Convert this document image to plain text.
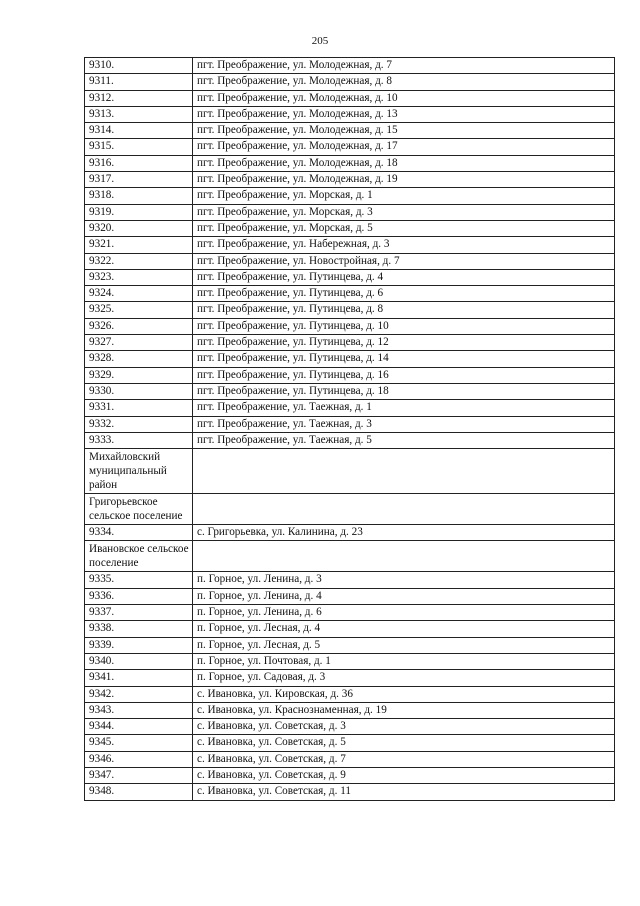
205
9310.	пгт. Преображение, ул. Молодежная, д. 7
9311.	пгт. Преображение, ул. Молодежная, д. 8
9312.	пгт. Преображение, ул. Молодежная, д. 10
9313.	пгт. Преображение, ул. Молодежная, д. 13
9314.	пгт. Преображение, ул. Молодежная, д. 15
9315.	пгт. Преображение, ул. Молодежная, д. 17
9316.	пгт. Преображение, ул. Молодежная, д. 18
9317.	пгт. Преображение, ул. Молодежная, д. 19
9318.	пгт. Преображение, ул. Морская, д. 1
9319.	пгт. Преображение, ул. Морская, д. 3
9320.	пгт. Преображение, ул. Морская, д. 5
9321.	пгт. Преображение, ул. Набережная, д. 3
9322.	пгт. Преображение, ул. Новостройная, д. 7
9323.	пгт. Преображение, ул. Путинцева, д. 4
9324.	пгт. Преображение, ул. Путинцева, д. 6
9325.	пгт. Преображение, ул. Путинцева, д. 8
9326.	пгт. Преображение, ул. Путинцева, д. 10
9327.	пгт. Преображение, ул. Путинцева, д. 12
9328.	пгт. Преображение, ул. Путинцева, д. 14
9329.	пгт. Преображение, ул. Путинцева, д. 16
9330.	пгт. Преображение, ул. Путинцева, д. 18
9331.	пгт. Преображение, ул. Таежная, д. 1
9332.	пгт. Преображение, ул. Таежная, д. 3
9333.	пгт. Преображение, ул. Таежная, д. 5
Михайловский муниципальный район	
Григорьевское сельское поселение	
9334.	с. Григорьевка, ул. Калинина, д. 23
Ивановское сельское поселение	
9335.	п. Горное, ул. Ленина, д. 3
9336.	п. Горное, ул. Ленина, д. 4
9337.	п. Горное, ул. Ленина, д. 6
9338.	п. Горное, ул. Лесная, д. 4
9339.	п. Горное, ул. Лесная, д. 5
9340.	п. Горное, ул. Почтовая, д. 1
9341.	п. Горное, ул. Садовая, д. 3
9342.	с. Ивановка, ул. Кировская, д. 36
9343.	с. Ивановка, ул. Краснознаменная, д. 19
9344.	с. Ивановка, ул. Советская, д. 3
9345.	с. Ивановка, ул. Советская, д. 5
9346.	с. Ивановка, ул. Советская, д. 7
9347.	с. Ивановка, ул. Советская, д. 9
9348.	с. Ивановка, ул. Советская, д. 11
